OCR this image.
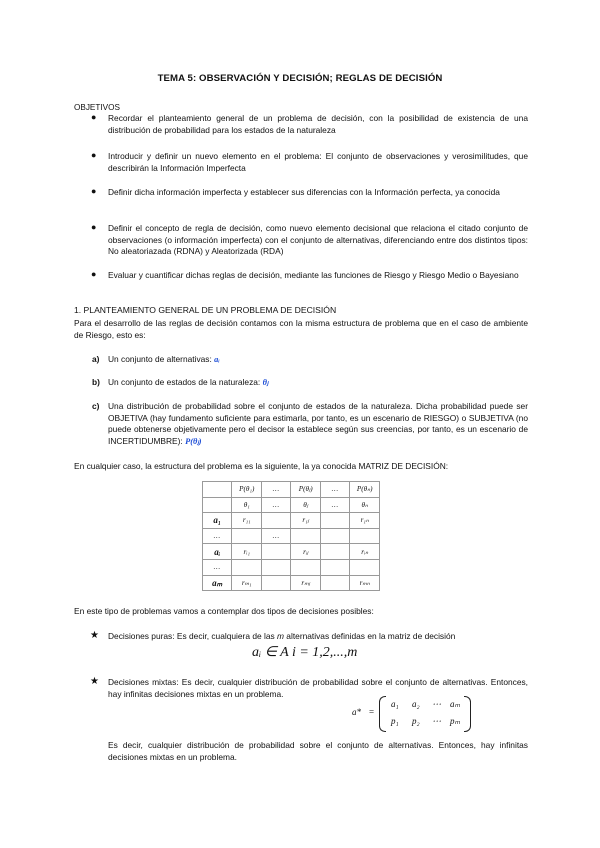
TEMA 5: OBSERVACIÓN Y DECISIÓN; REGLAS DE DECISIÓN
OBJETIVOS
● Recordar el planteamiento general de un problema de decisión, con la posibilidad de existencia de una distribución de probabilidad para los estados de la naturaleza
● Introducir y definir un nuevo elemento en el problema: El conjunto de observaciones y verosimilitudes, que describirán la Información Imperfecta
● Definir dicha información imperfecta y establecer sus diferencias con la Información perfecta, ya conocida
● Definir el concepto de regla de decisión, como nuevo elemento decisional que relaciona el citado conjunto de observaciones (o información imperfecta) con el conjunto de alternativas, diferenciando entre dos distintos tipos: No aleatoriazada (RDNA) y Aleatorizada (RDA)
● Evaluar y cuantificar dichas reglas de decisión, mediante las funciones de Riesgo y Riesgo Medio o Bayesiano
1. PLANTEAMIENTO GENERAL DE UN PROBLEMA DE DECISIÓN
Para el desarrollo de las reglas de decisión contamos con la misma estructura de problema que en el caso de ambiente de Riesgo, esto es:
a) Un conjunto de alternativas: aᵢ
b) Un conjunto de estados de la naturaleza: θⱼ
c) Una distribución de probabilidad sobre el conjunto de estados de la naturaleza. Dicha probabilidad puede ser OBJETIVA (hay fundamento suficiente para estimarla, por tanto, es un escenario de RIESGO) o SUBJETIVA (no puede obtenerse objetivamente pero el decisor la establece según sus creencias, por tanto, es un escenario de INCERTIDUMBRE): P(θⱼ)
En cualquier caso, la estructura del problema es la siguiente, la ya conocida MATRIZ DE DECISIÓN:
	P(θ₁)	…	P(θⱼ)	…	P(θₙ)
	θ₁	…	θⱼ	…	θₙ
a₁	r₁₁		r₁ⱼ		r₁ₙ
…		…			
aᵢ	rᵢ₁		rᵢⱼ		rᵢₙ
…					
aₘ	rₘ₁		rₘⱼ		rₘₙ
En este tipo de problemas vamos a contemplar dos tipos de decisiones posibles:
★ Decisiones puras: Es decir, cualquiera de las m alternativas definidas en la matriz de decisión
aᵢ ∈ A i = 1,2,...,m
★ Decisiones mixtas: Es decir, cualquier distribución de probabilidad sobre el conjunto de alternativas. Entonces, hay infinitas decisiones mixtas en un problema.
a* =
a₁ a₂ ⋯ aₘ
p₁ p₂ ⋯ pₘ
Es decir, cualquier distribución de probabilidad sobre el conjunto de alternativas. Entonces, hay infinitas decisiones mixtas en un problema.
